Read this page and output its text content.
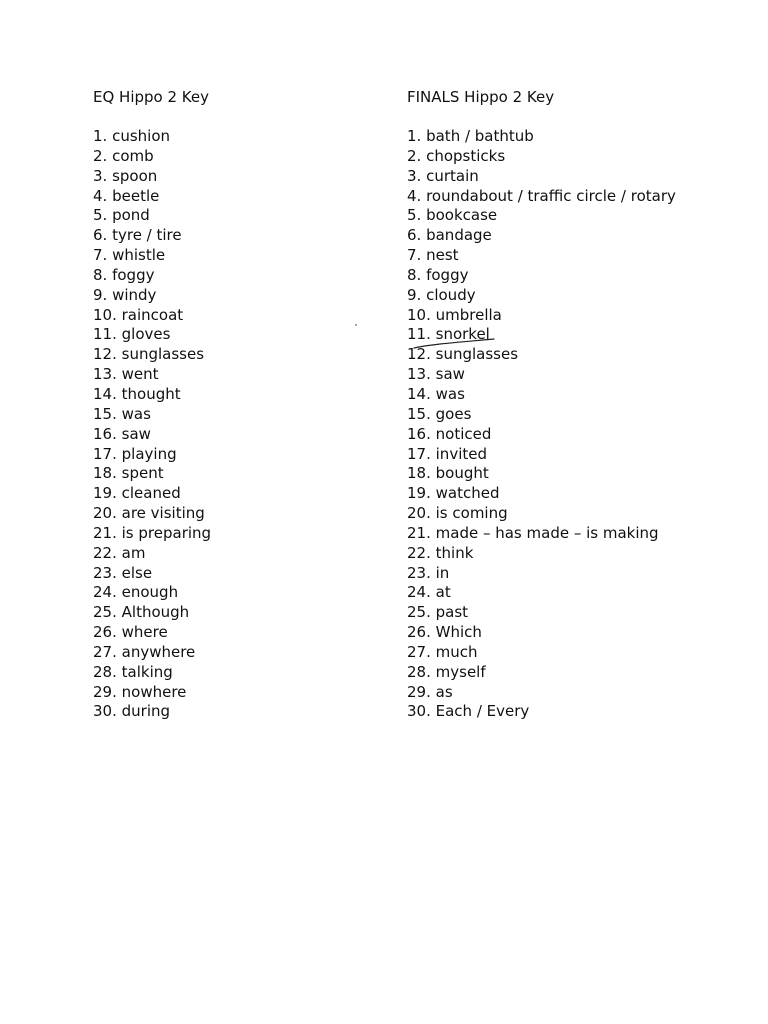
EQ Hippo 2 Key
1. cushion
2. comb
3. spoon
4. beetle
5. pond
6. tyre / tire
7. whistle
8. foggy
9. windy
10. raincoat
11. gloves
12. sunglasses
13. went
14. thought
15. was
16. saw
17. playing
18. spent
19. cleaned
20. are visiting
21. is preparing
22. am
23. else
24. enough
25. Although
26. where
27. anywhere
28. talking
29. nowhere
30. during
FINALS Hippo 2 Key
1. bath / bathtub
2. chopsticks
3. curtain
4. roundabout / traffic circle / rotary
5. bookcase
6. bandage
7. nest
8. foggy
9. cloudy
10. umbrella
11. snorkel
12. sunglasses
13. saw
14. was
15. goes
16. noticed
17. invited
18. bought
19. watched
20. is coming
21. made – has made – is making
22. think
23. in
24. at
25. past
26. Which
27. much
28. myself
29. as
30. Each / Every
